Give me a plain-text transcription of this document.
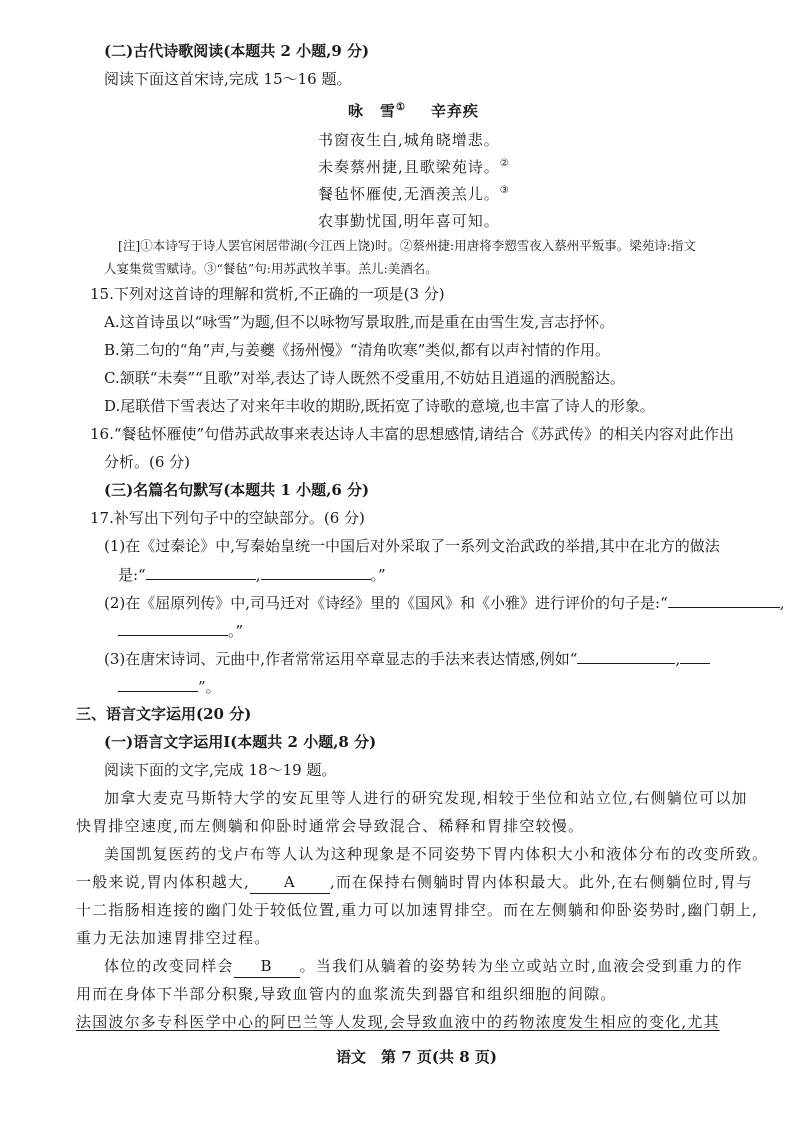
(二)古代诗歌阅读(本题共 2 小题,9 分)
阅读下面这首宋诗,完成 15～16 题。
咏　雪① 辛弃疾
书窗夜生白,城角晓增悲。
未奏蔡州捷,且歌梁苑诗。②
餐毡怀雁使,无酒羡羔儿。③
农事勤忧国,明年喜可知。
[注]①本诗写于诗人罢官闲居带湖(今江西上饶)时。②蔡州捷:用唐将李愬雪夜入蔡州平叛事。梁苑诗:指文
人宴集赏雪赋诗。③“餐毡”句:用苏武牧羊事。羔儿:美酒名。
15.下列对这首诗的理解和赏析,不正确的一项是(3 分)
A.这首诗虽以“咏雪”为题,但不以咏物写景取胜,而是重在由雪生发,言志抒怀。
B.第二句的“角”声,与姜夔《扬州慢》“清角吹寒”类似,都有以声衬情的作用。
C.颔联“未奏”“且歌”对举,表达了诗人既然不受重用,不妨姑且逍遥的洒脱豁达。
D.尾联借下雪表达了对来年丰收的期盼,既拓宽了诗歌的意境,也丰富了诗人的形象。
16.“餐毡怀雁使”句借苏武故事来表达诗人丰富的思想感情,请结合《苏武传》的相关内容对此作出
分析。(6 分)
(三)名篇名句默写(本题共 1 小题,6 分)
17.补写出下列句子中的空缺部分。(6 分)
(1)在《过秦论》中,写秦始皇统一中国后对外采取了一系列文治武政的举措,其中在北方的做法
是:“	,	。”
(2)在《屈原列传》中,司马迁对《诗经》里的《国风》和《小雅》进行评价的句子是:“	,
。”
(3)在唐宋诗词、元曲中,作者常常运用卒章显志的手法来表达情感,例如“	,
”。
三、语言文字运用(20 分)
(一)语言文字运用Ⅰ(本题共 2 小题,8 分)
阅读下面的文字,完成 18～19 题。
加拿大麦克马斯特大学的安瓦里等人进行的研究发现,相较于坐位和站立位,右侧躺位可以加
快胃排空速度,而左侧躺和仰卧时通常会导致混合、稀释和胃排空较慢。
美国凯复医药的戈卢布等人认为这种现象是不同姿势下胃内体积大小和液体分布的改变所致。
一般来说,胃内体积越大, A ,而在保持右侧躺时胃内体积最大。此外,在右侧躺位时,胃与
十二指肠相连接的幽门处于较低位置,重力可以加速胃排空。而在左侧躺和仰卧姿势时,幽门朝上,
重力无法加速胃排空过程。
体位的改变同样会 B 。当我们从躺着的姿势转为坐立或站立时,血液会受到重力的作
用而在身体下半部分积聚,导致血管内的血浆流失到器官和组织细胞的间隙。
法国波尔多专科医学中心的阿巴兰等人发现,会导致血液中的药物浓度发生相应的变化,尤其
语文　第 7 页(共 8 页)
